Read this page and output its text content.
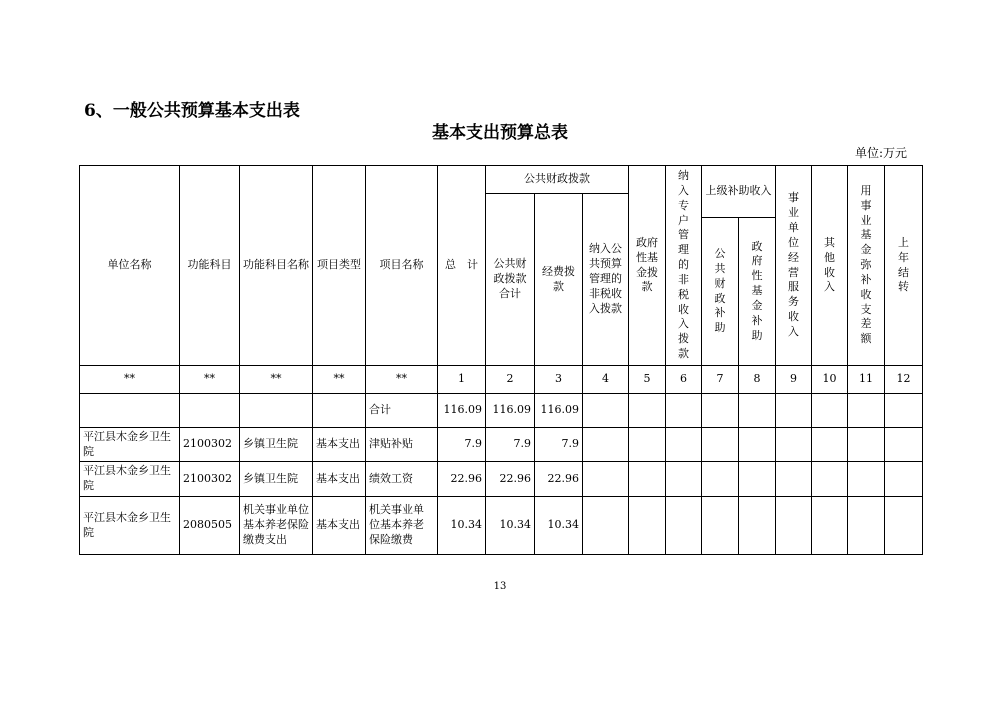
6、一般公共预算基本支出表
基本支出预算总表
单位:万元
单位名称	功能科目	功能科目名称	项目类型	项目名称	总　计	公共财政拨款			政府性基金拨款	纳入专户管理的非税收入拨款	上级补助收入		事业单位经营服务收入	其他收入	用事业基金弥补收支差额	上年结转

						公共财政拨款合计	经费拨款	纳入公共预算管理的非税收入拨款								

											公共财政补助	政府性基金补助				

**	**	**	**	**	1	2	3	4	5	6	7	8	9	10	11	12
				合计	116.09	116.09	116.09									
平江县木金乡卫生院	2100302	乡镇卫生院	基本支出	津贴补贴	7.9	7.9	7.9									
平江县木金乡卫生院	2100302	乡镇卫生院	基本支出	绩效工资	22.96	22.96	22.96									
平江县木金乡卫生院	2080505	机关事业单位基本养老保险缴费支出	基本支出	机关事业单位基本养老保险缴费	10.34	10.34	10.34									
13
